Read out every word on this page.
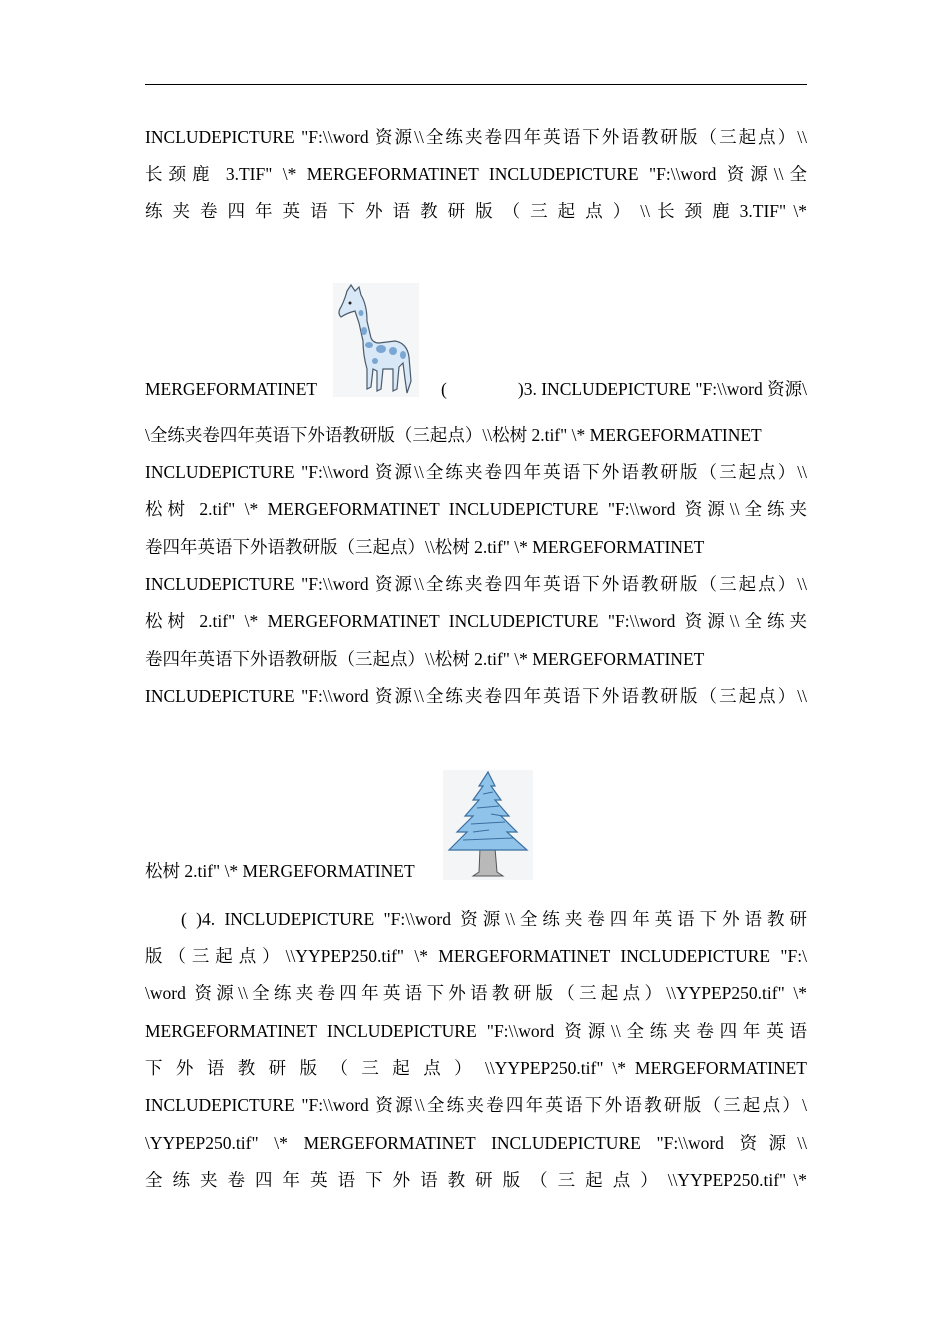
INCLUDEPICTURE "F:\\word 资源\\全练夹卷四年英语下外语教研版（三起点）\\
长颈鹿 3.TIF" \* MERGEFORMATINET INCLUDEPICTURE "F:\\word 资源\\全
练 夹 卷 四 年 英 语 下 外 语 教 研 版 （ 三 起 点 ） \\ 长 颈 鹿 3.TIF" \*
MERGEFORMATINET	(	)3. INCLUDEPICTURE "F:\\word 资源\
\全练夹卷四年英语下外语教研版（三起点）\\松树 2.tif" \* MERGEFORMATINET
INCLUDEPICTURE "F:\\word 资源\\全练夹卷四年英语下外语教研版（三起点）\\
松树 2.tif" \* MERGEFORMATINET INCLUDEPICTURE "F:\\word 资源\\全练夹
卷四年英语下外语教研版（三起点）\\松树 2.tif" \* MERGEFORMATINET
INCLUDEPICTURE "F:\\word 资源\\全练夹卷四年英语下外语教研版（三起点）\\
松树 2.tif" \* MERGEFORMATINET INCLUDEPICTURE "F:\\word 资源\\全练夹
卷四年英语下外语教研版（三起点）\\松树 2.tif" \* MERGEFORMATINET
INCLUDEPICTURE "F:\\word 资源\\全练夹卷四年英语下外语教研版（三起点）\\
松树 2.tif" \* MERGEFORMATINET
( )4. INCLUDEPICTURE "F:\\word 资源\\全练夹卷四年英语下外语教研
版（三起点）\\YYPEP250.tif" \* MERGEFORMATINET INCLUDEPICTURE "F:\
\word 资源\\全练夹卷四年英语下外语教研版（三起点）\\YYPEP250.tif" \*
MERGEFORMATINET INCLUDEPICTURE "F:\\word 资源\\全练夹卷四年英语
下 外 语 教 研 版 （ 三 起 点 ） \\YYPEP250.tif" \* MERGEFORMATINET
INCLUDEPICTURE "F:\\word 资源\\全练夹卷四年英语下外语教研版（三起点）\
\YYPEP250.tif" \* MERGEFORMATINET INCLUDEPICTURE "F:\\word 资源\\
全 练 夹 卷 四 年 英 语 下 外 语 教 研 版 （ 三 起 点 ） \\YYPEP250.tif" \*
